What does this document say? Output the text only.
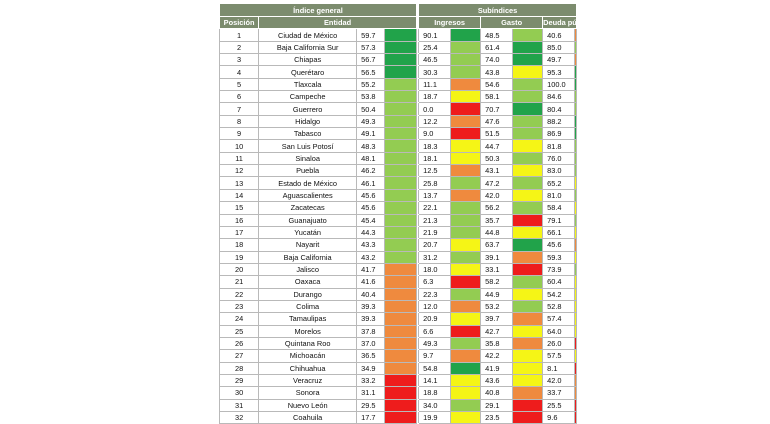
Índice general					Subíndices					
Posición	Entidad				Ingresos		Gasto		Deuda pública	
1	Ciudad de México	59.7			90.1		48.5		40.6	
2	Baja California Sur	57.3			25.4		61.4		85.0	
3	Chiapas	56.7			46.5		74.0		49.7	
4	Querétaro	56.5			30.3		43.8		95.3	
5	Tlaxcala	55.2			11.1		54.6		100.0	
6	Campeche	53.8			18.7		58.1		84.6	
7	Guerrero	50.4			0.0		70.7		80.4	
8	Hidalgo	49.3			12.2		47.6		88.2	
9	Tabasco	49.1			9.0		51.5		86.9	
10	San Luis Potosí	48.3			18.3		44.7		81.8	
11	Sinaloa	48.1			18.1		50.3		76.0	
12	Puebla	46.2			12.5		43.1		83.0	
13	Estado de México	46.1			25.8		47.2		65.2	
14	Aguascalientes	45.6			13.7		42.0		81.0	
15	Zacatecas	45.6			22.1		56.2		58.4	
16	Guanajuato	45.4			21.3		35.7		79.1	
17	Yucatán	44.3			21.9		44.8		66.1	
18	Nayarit	43.3			20.7		63.7		45.6	
19	Baja California	43.2			31.2		39.1		59.3	
20	Jalisco	41.7			18.0		33.1		73.9	
21	Oaxaca	41.6			6.3		58.2		60.4	
22	Durango	40.4			22.3		44.9		54.2	
23	Colima	39.3			12.0		53.2		52.8	
24	Tamaulipas	39.3			20.9		39.7		57.4	
25	Morelos	37.8			6.6		42.7		64.0	
26	Quintana Roo	37.0			49.3		35.8		26.0	
27	Michoacán	36.5			9.7		42.2		57.5	
28	Chihuahua	34.9			54.8		41.9		8.1	
29	Veracruz	33.2			14.1		43.6		42.0	
30	Sonora	31.1			18.8		40.8		33.7	
31	Nuevo León	29.5			34.0		29.1		25.5	
32	Coahuila	17.7			19.9		23.5		9.6	
